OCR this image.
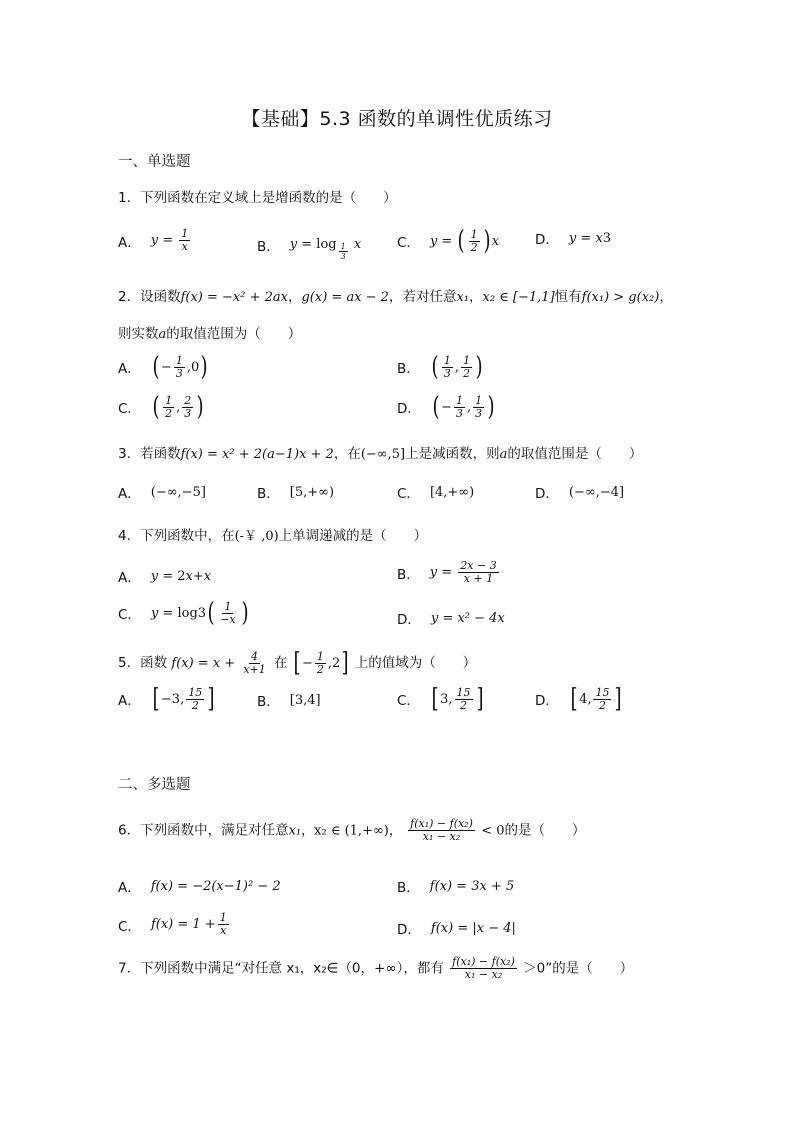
【基础】5.3 函数的单调性优质练习
一、单选题
1．下列函数在定义域上是增函数的是（　　）
A． $y = \frac{1}{x}$	B． $y = \log \frac{1}{3}$ x	C． y = ( $\frac{1}{2}$ ) x	D． y = x 3
2．设函数f(x) = −x² + 2ax，g(x) = ax − 2，若对任意x₁，x₂ ∈ [−1,1]恒有f(x₁) > g(x₂)，
则实数a的取值范围为（　　）
A． ( − $\frac{1}{3} ,0$ )	B． ( $\frac{1}{3}$ , $\frac{1}{2}$ )
C． ( $\frac{1}{2}$ , $\frac{2}{3}$ )	D． ( − $\frac{1}{3}$ , $\frac{1}{3}$ )
3．若函数f(x) = x² + 2(a−1)x + 2，在(−∞,5]上是减函数，则a的取值范围是（　　）
A． (−∞,−5]	B． [5,+∞)	C． [4,+∞)	D． (−∞,−4]
4．下列函数中，在(-￥ ,0)上单调递减的是（　　）
A． y = 2 x+x	B． $y = \frac{2x - 3}{x + 1}$
C． y = log 3 ( $\frac{1}{-x}$ )	D． y = x² − 4x
5．函数 $f(x) = x + \frac{4}{x+1}$ 在 [ − $\frac{1}{2} ,2$] 上的值域为（　　）
A． [ −3, $\frac{15}{2}$ ]	B． [3,4]	C． [ 3, $\frac{15}{2}$ ]	D． [ 4, $\frac{15}{2}$ ]
二、多选题
6．下列函数中，满足对任意x₁，x₂ ∈ (1,+∞)， $\frac{\text{f(x₁) − f(x₂)}}{\text{x₁ − x₂}} < 0$的是（　　）
A． f(x) = −2(x−1)² − 2	B． f(x) = 3x + 5
C． $f(x) = 1 + \frac{1}{x}$	D． f(x) = |x − 4|
7．下列函数中满足“对任意 x₁，x₂∈（0，+∞），都有 $\frac{\text{f(x₁) − f(x₂)}}{\text{x₁ − x₂}} >0$”的是（　　）
